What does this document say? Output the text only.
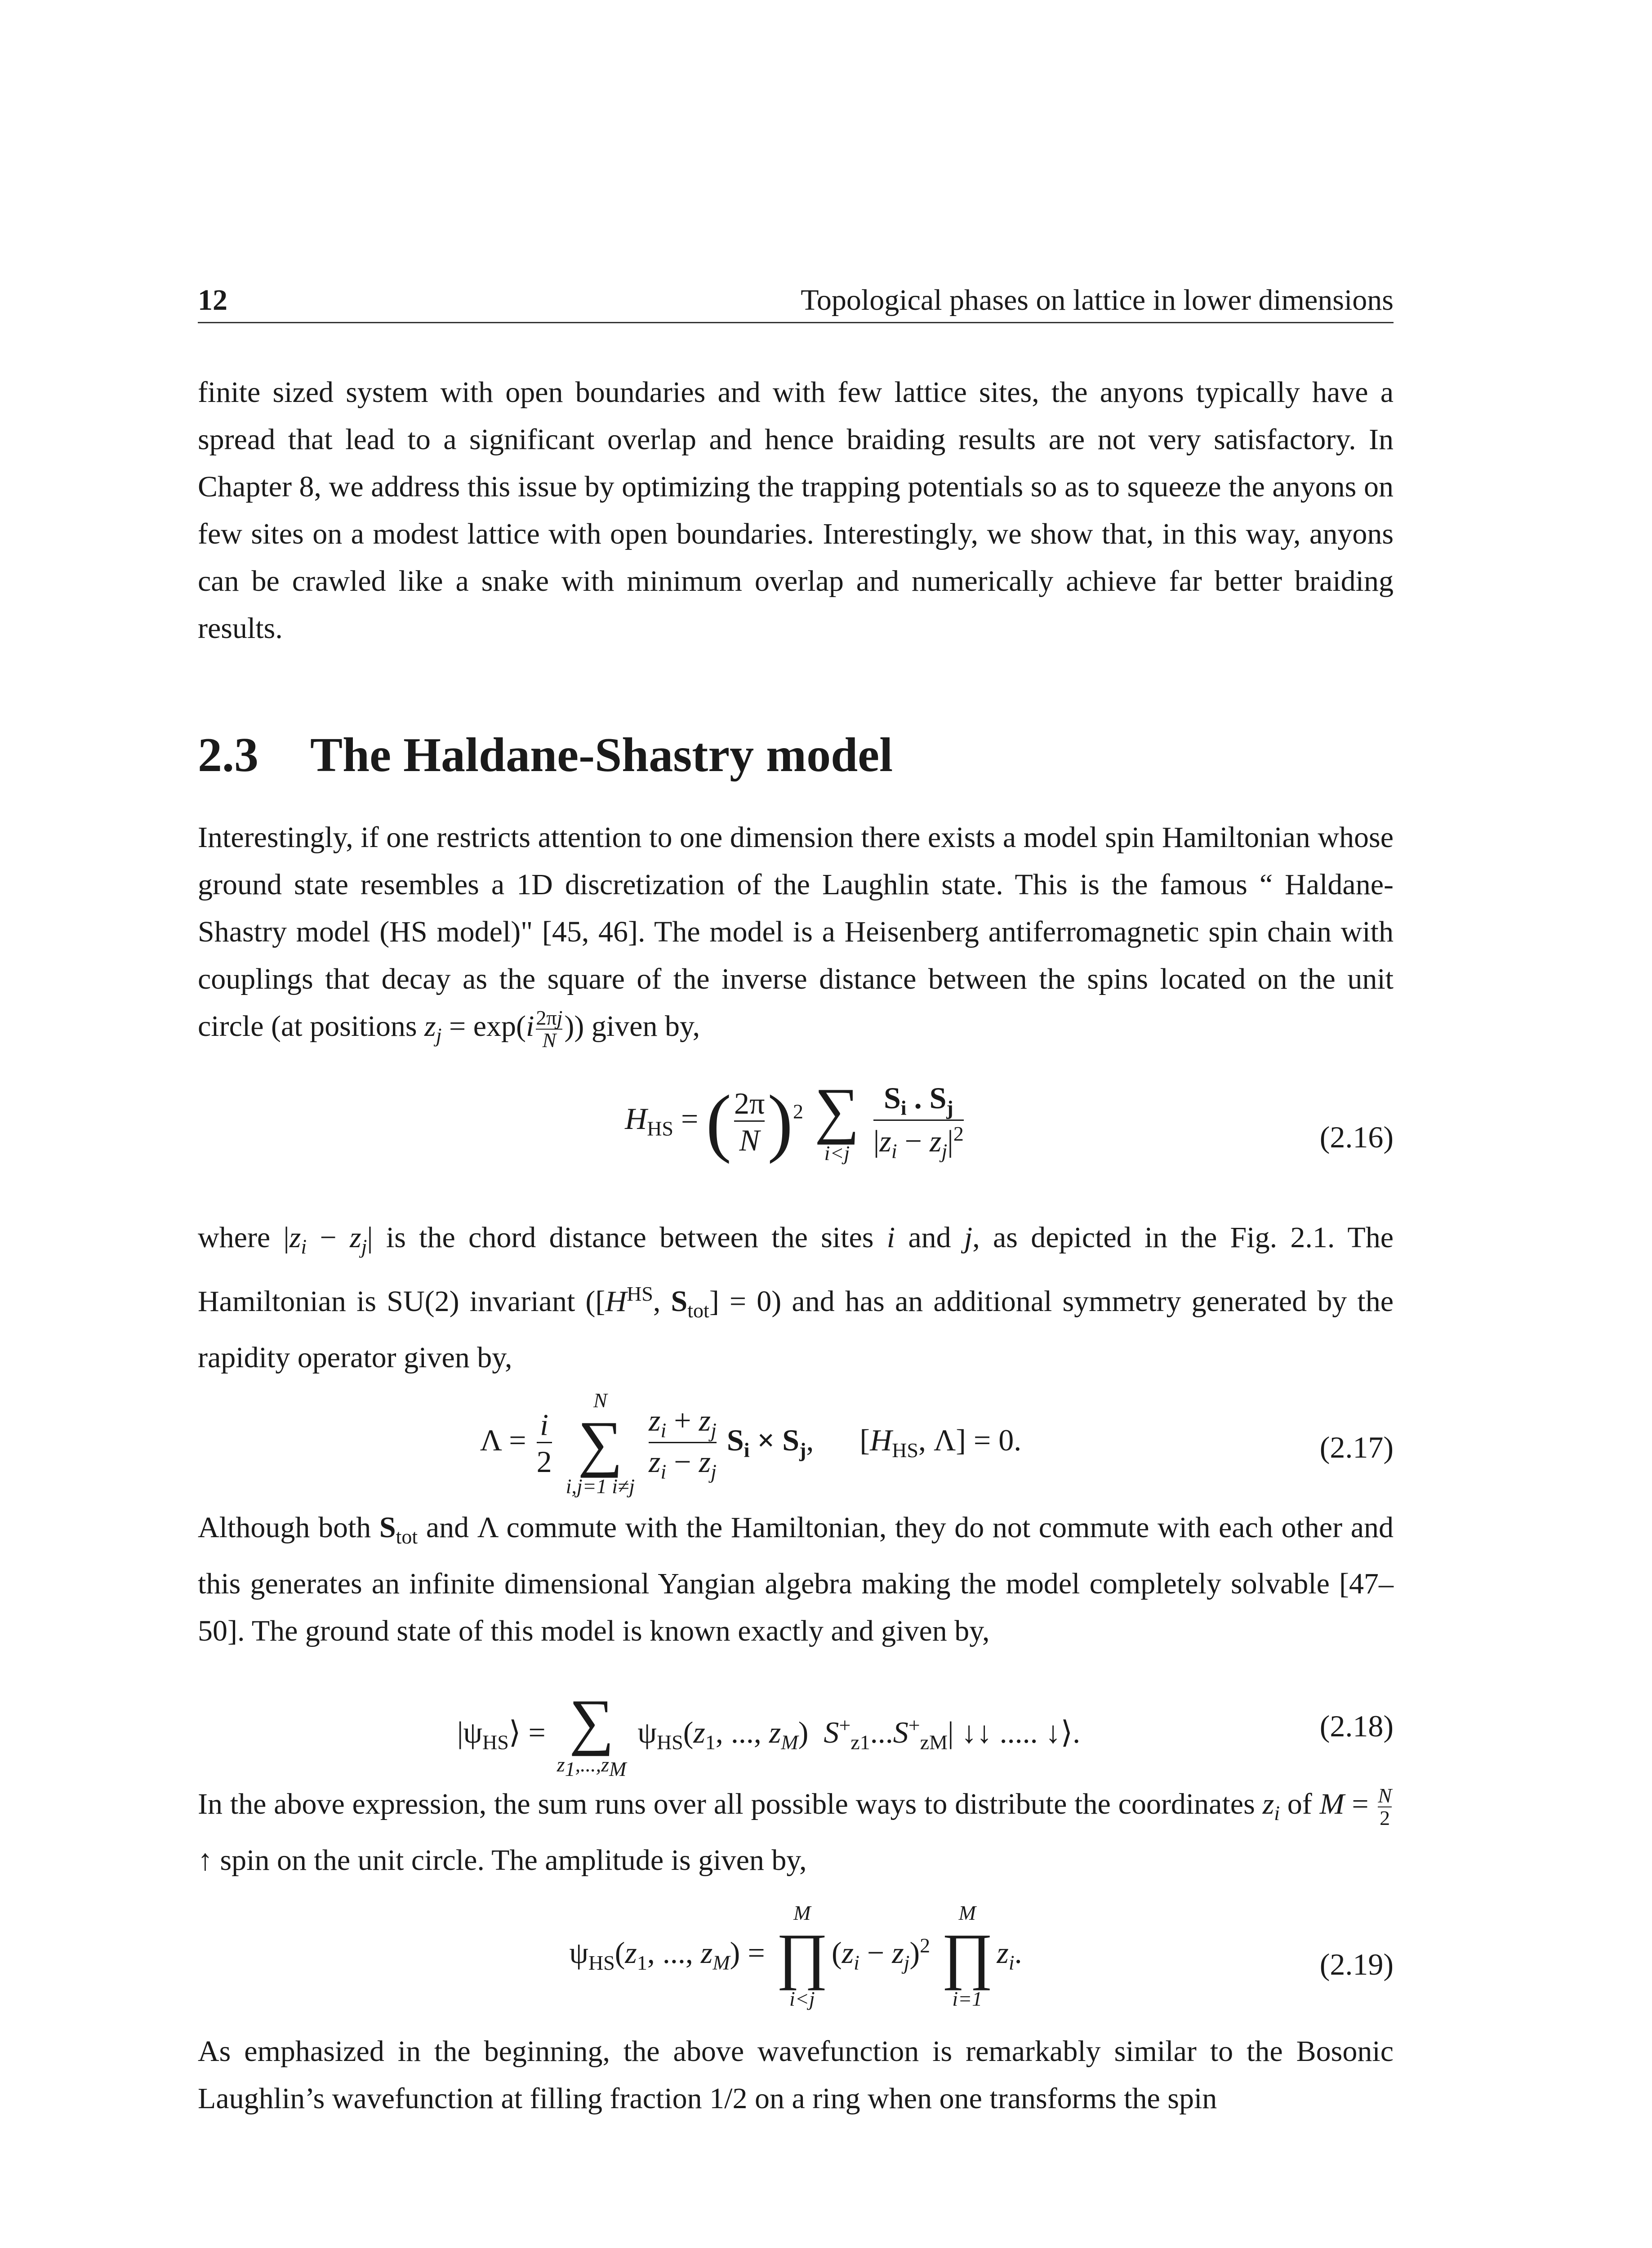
12	Topological phases on lattice in lower dimensions

finite sized system with open boundaries and with few lattice sites, the anyons typically have a spread that lead to a significant overlap and hence braiding results are not very satisfactory. In Chapter 8, we address this issue by optimizing the trapping potentials so as to squeeze the anyons on few sites on a modest lattice with open boundaries. Interestingly, we show that, in this way, anyons can be crawled like a snake with minimum overlap and numerically achieve far better braiding results.

2.3 The Haldane-Shastry model

Interestingly, if one restricts attention to one dimension there exists a model spin Hamiltonian whose ground state resembles a 1D discretization of the Laughlin state. This is the famous “ Haldane-Shastry model (HS model)" [45, 46]. The model is a Heisenberg antiferromagnetic spin chain with couplings that decay as the square of the inverse distance between the spins located on the unit circle (at positions $z_j = \exp(i \frac{2\pi j}{N}$ )) given by,

$H_{HS}$ = ( $\frac{2\pi}{N} )^2$ ∑
i<j
$\frac{S_i . S_j}{|z_i - z_j|^2}$	(2.16)

where $|z_i - z_j|$ is the chord distance between the sites i and j, as depicted in the Fig. 2.1. The Hamiltonian is SU(2) invariant ([$H^{HS}$, $S_{tot}] = 0$) and has an additional symmetry generated by the rapidity operator given by,

$\Lambda = \frac{i}{2}$

N
∑
i,j=1 i≠j

$\frac{z_i + z_j}{z_i - z_j} S_i \times S_j$,      [$H_{HS}$, Λ] = 0.	(2.17)

Although both $S_{tot}$ and Λ commute with the Hamiltonian, they do not commute with each other and this generates an infinite dimensional Yangian algebra making the model completely solvable [47–50]. The ground state of this model is known exactly and given by,

$|\psi_{HS}⟩$ = ∑
$z_1,...,z_M$
$\psi_{HS}(z_1$, ..., $z_M$)  $S^+_{z1}...S^+_{zM}|$ ↓↓ ..... ↓⟩.	(2.18)

In the above expression, the sum runs over all possible ways to distribute the coordinates $z_i$ of $M = \frac{N}{2}$
↑ spin on the unit circle. The amplitude is given by,

$\psi_{HS}(z_1$, ..., $z_M$) =
M
∏
i<j
$(z_i - z_j)^2$
M
∏
i=1
$z_i$.	(2.19)

As emphasized in the beginning, the above wavefunction is remarkably similar to the Bosonic Laughlin’s wavefunction at filling fraction 1/2 on a ring when one transforms the spin
